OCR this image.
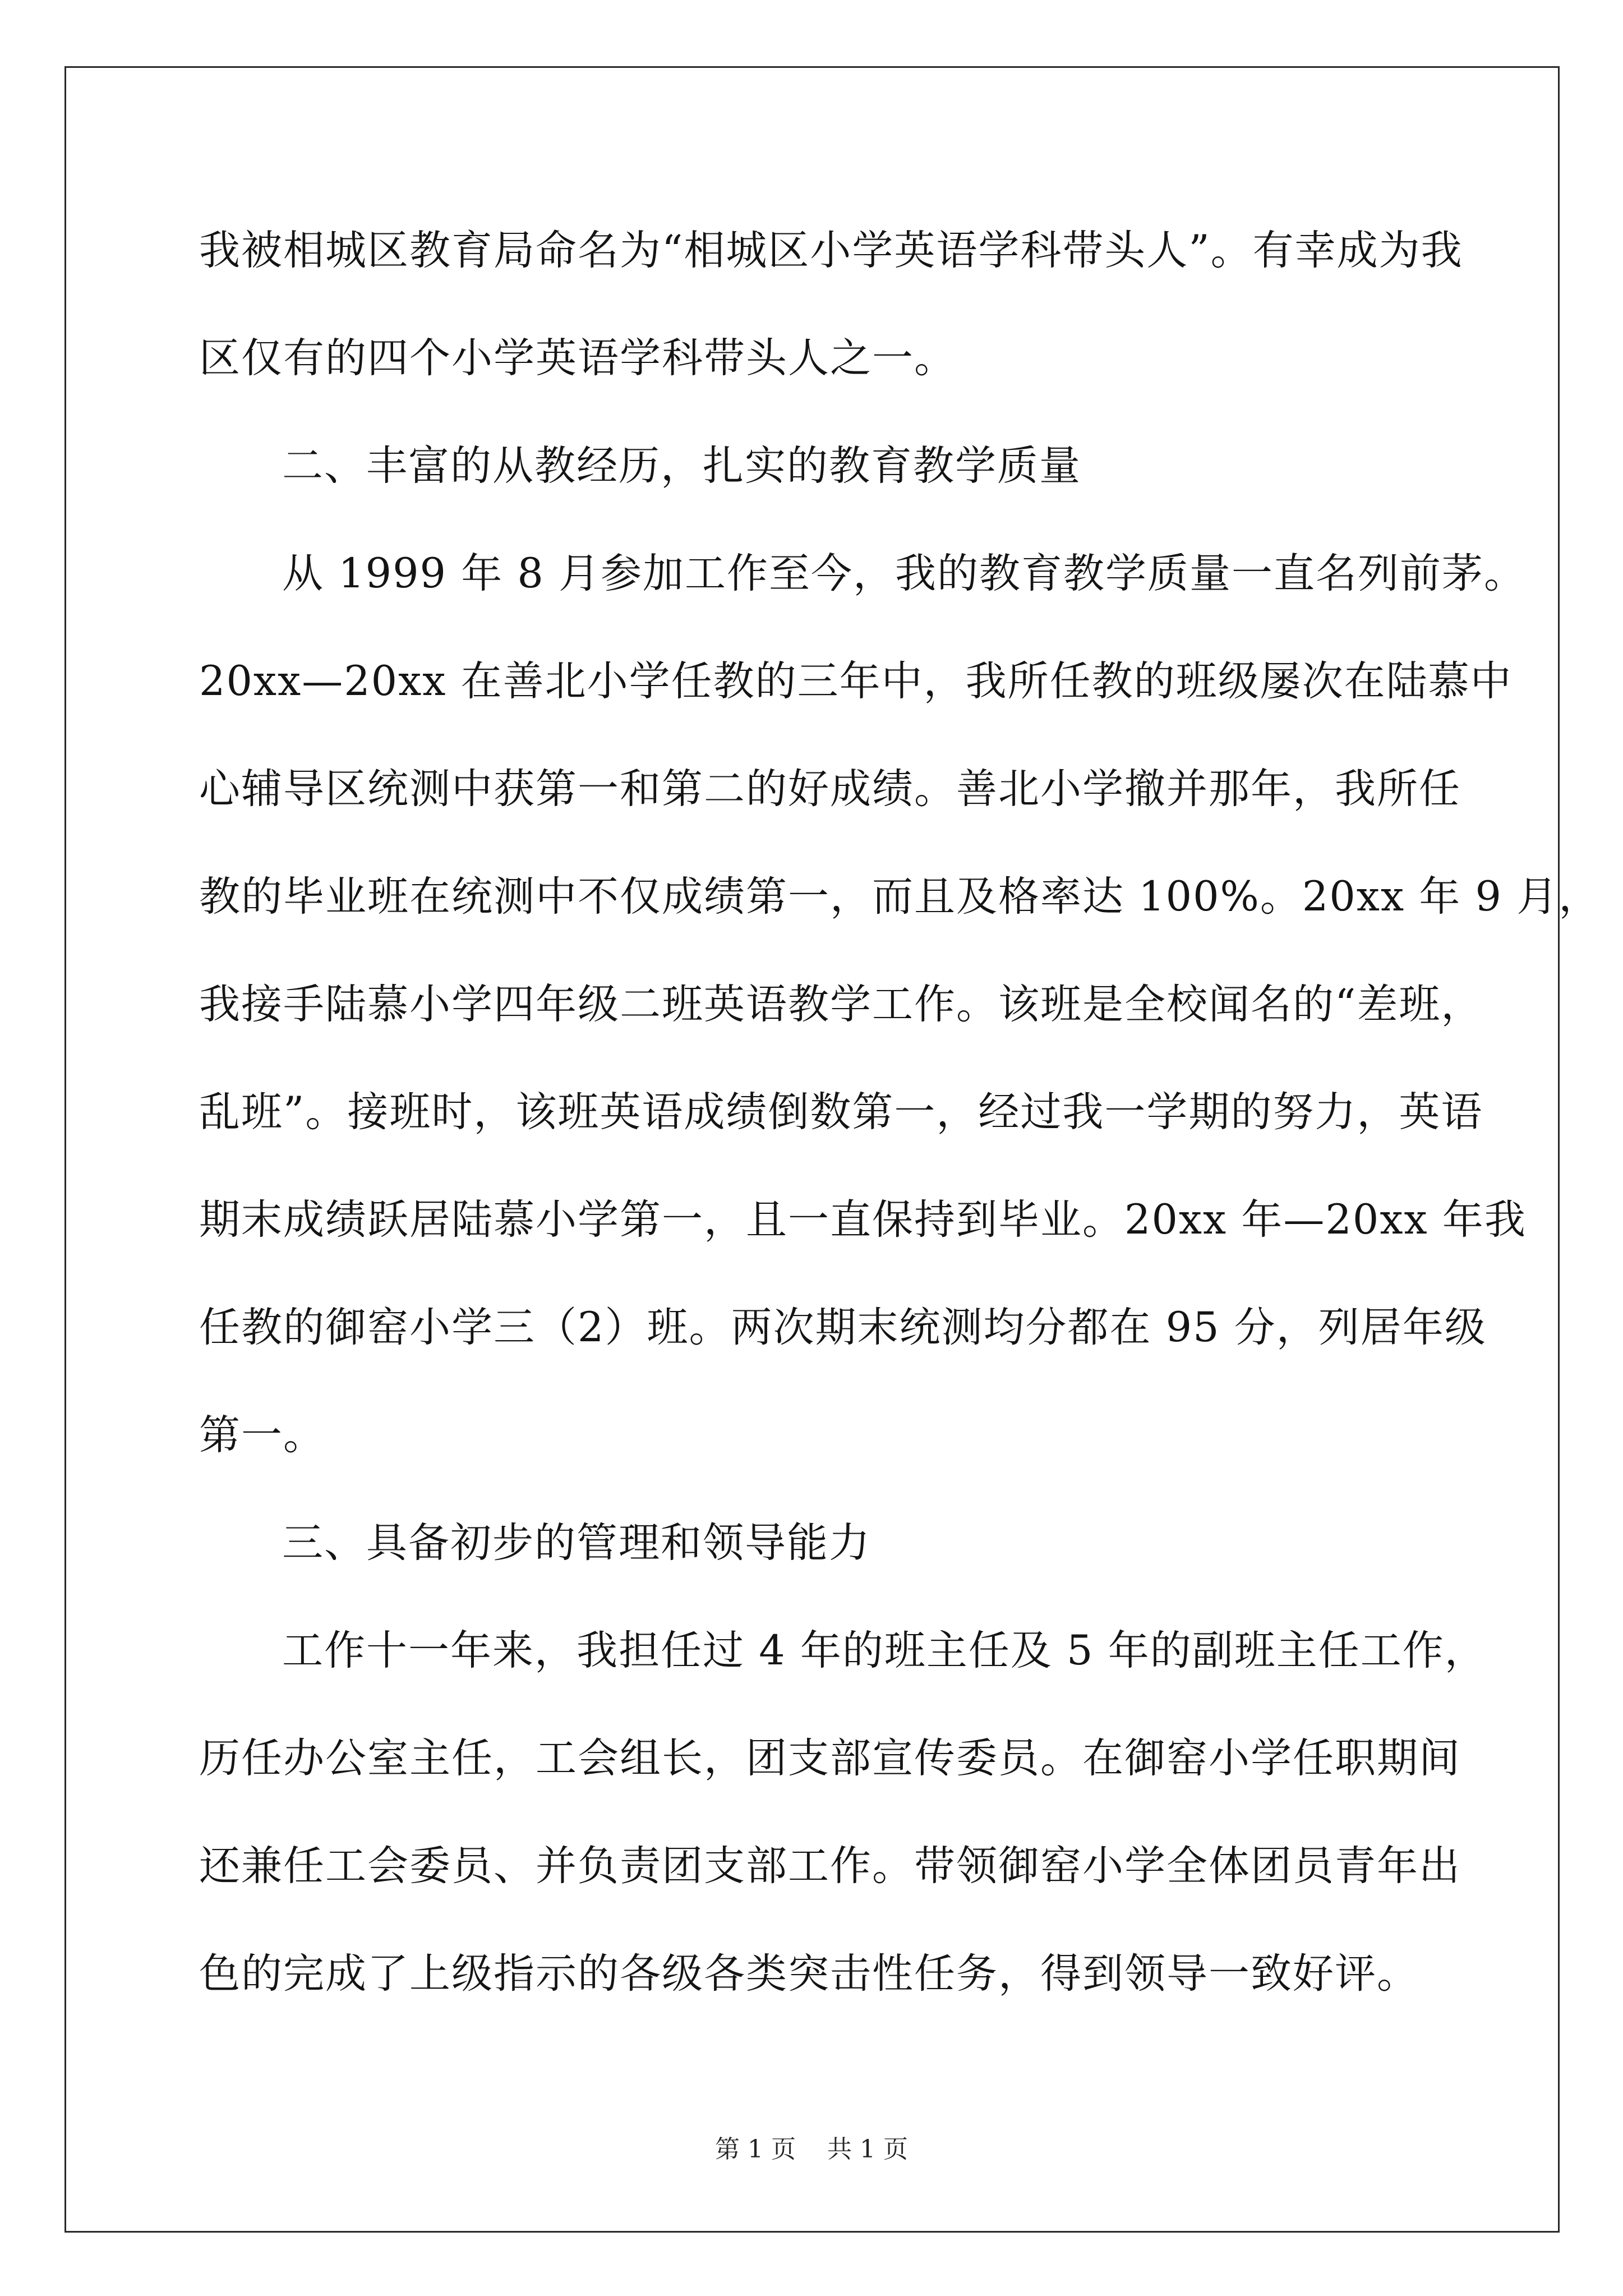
我被相城区教育局命名为“相城区小学英语学科带头人”。有幸成为我
区仅有的四个小学英语学科带头人之一。
二、丰富的从教经历，扎实的教育教学质量
从 1999 年 8 月参加工作至今，我的教育教学质量一直名列前茅。
20xx—20xx 在善北小学任教的三年中，我所任教的班级屡次在陆慕中
心辅导区统测中获第一和第二的好成绩。善北小学撤并那年，我所任
教的毕业班在统测中不仅成绩第一，而且及格率达 100%。20xx 年 9 月，
我接手陆慕小学四年级二班英语教学工作。该班是全校闻名的“差班，
乱班”。接班时，该班英语成绩倒数第一，经过我一学期的努力，英语
期末成绩跃居陆慕小学第一，且一直保持到毕业。20xx 年—20xx 年我
任教的御窑小学三（2）班。两次期末统测均分都在 95 分，列居年级
第一。
三、具备初步的管理和领导能力
工作十一年来，我担任过 4 年的班主任及 5 年的副班主任工作，
历任办公室主任，工会组长，团支部宣传委员。在御窑小学任职期间
还兼任工会委员、并负责团支部工作。带领御窑小学全体团员青年出
色的完成了上级指示的各级各类突击性任务，得到领导一致好评。
第 1 页 共 1 页
